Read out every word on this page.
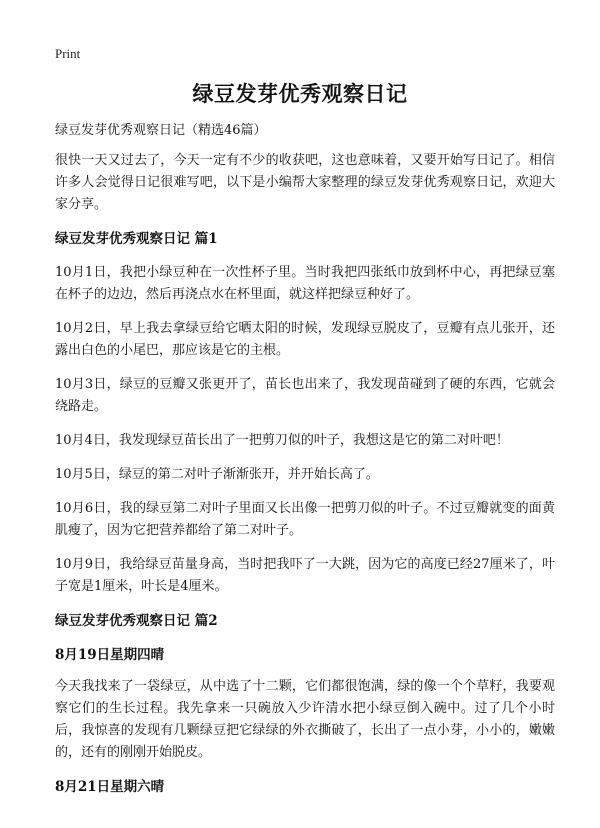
Print
绿豆发芽优秀观察日记

绿豆发芽优秀观察日记（精选46篇）

很快一天又过去了，今天一定有不少的收获吧，这也意味着，又要开始写日记了。相信许多人会觉得日记很难写吧，以下是小编帮大家整理的绿豆发芽优秀观察日记，欢迎大家分享。

绿豆发芽优秀观察日记 篇1

10月1日，我把小绿豆种在一次性杯子里。当时我把四张纸巾放到杯中心，再把绿豆塞在杯子的边边，然后再浇点水在杯里面，就这样把绿豆种好了。

10月2日，早上我去拿绿豆给它晒太阳的时候，发现绿豆脱皮了，豆瓣有点儿张开，还露出白色的小尾巴，那应该是它的主根。

10月3日，绿豆的豆瓣又张更开了，苗长也出来了，我发现苗碰到了硬的东西，它就会绕路走。

10月4日，我发现绿豆苗长出了一把剪刀似的叶子，我想这是它的第二对叶吧！

10月5日，绿豆的第二对叶子渐渐张开，并开始长高了。

10月6日，我的绿豆第二对叶子里面又长出像一把剪刀似的叶子。不过豆瓣就变的面黄肌瘦了，因为它把营养都给了第二对叶子。

10月9日，我给绿豆苗量身高，当时把我吓了一大跳，因为它的高度已经27厘米了，叶子宽是1厘米，叶长是4厘米。

绿豆发芽优秀观察日记 篇2
8月19日星期四晴

今天我找来了一袋绿豆，从中选了十二颗，它们都很饱满，绿的像一个个草籽，我要观察它们的生长过程。我先拿来一只碗放入少许清水把小绿豆倒入碗中。过了几个小时后，我惊喜的发现有几颗绿豆把它绿绿的外衣撕破了，长出了一点小芽，小小的，嫩嫩的，还有的刚刚开始脱皮。

8月21日星期六晴
